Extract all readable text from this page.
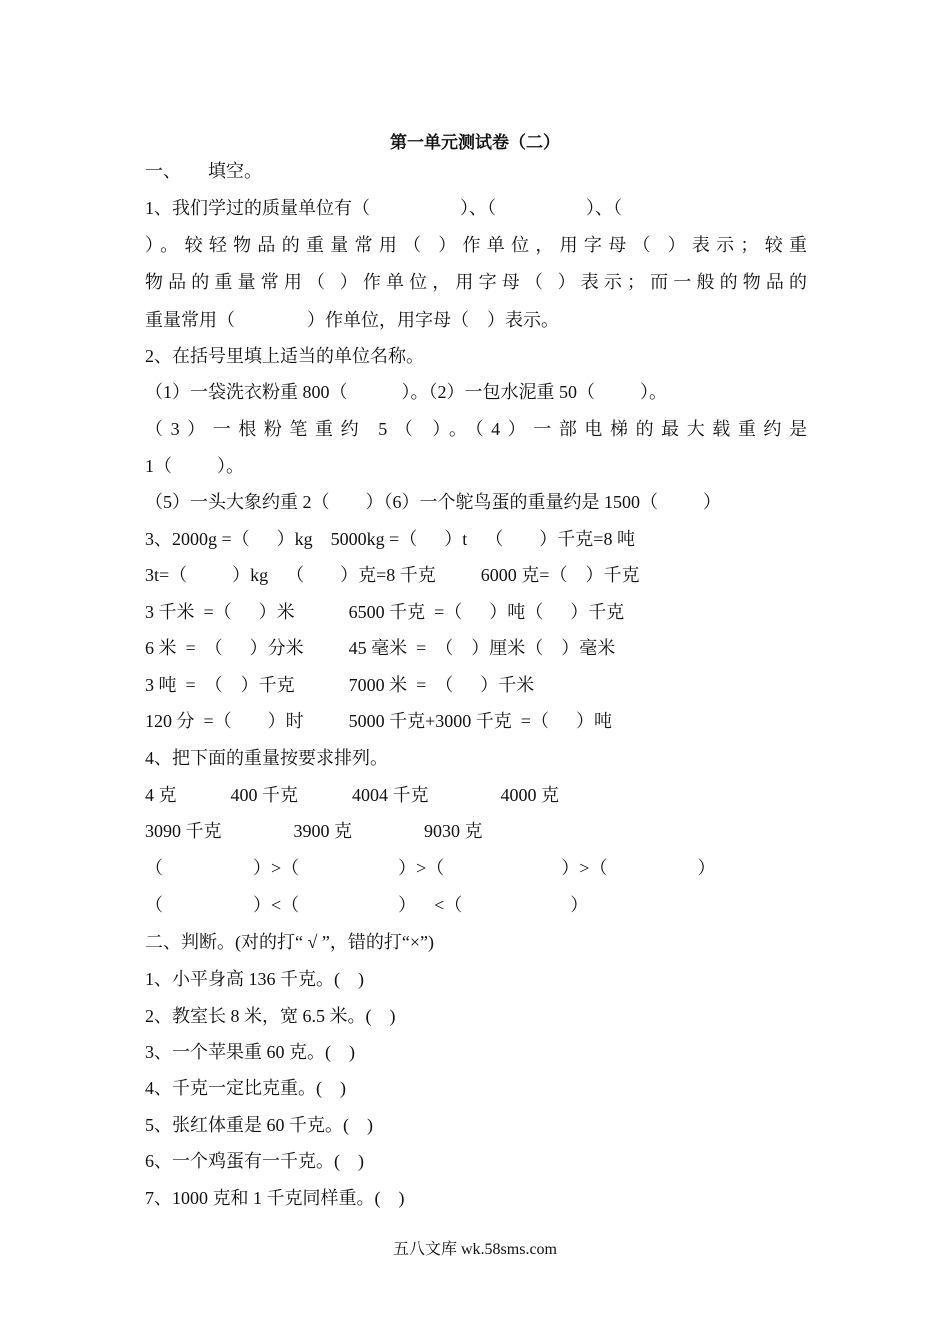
第一单元测试卷（二）
一、      填空。
1、我们学过的质量单位有（                    ）、（                    ）、（
）。较轻物品的重量常用（ ）作单位，用字母（ ）表示；较重
物品的重量常用（ ）作单位，用字母（ ）表示；而一般的物品的
重量常用（                ）作单位，用字母（    ）表示。
2、在括号里填上适当的单位名称。
（1）一袋洗衣粉重 800（            ）。（2）一包水泥重 50（          ）。
（3）一根粉笔重约 5（ ）。（4）一部电梯的最大载重约是
1（          ）。
（5）一头大象约重 2（        ）（6）一个鸵鸟蛋的重量约是 1500（          ）
3、2000g =（      ）kg    5000kg =（      ）t    （        ）千克=8 吨
3t=（          ）kg    （        ）克=8 千克          6000 克=（    ）千克
3 千米  =（      ）米            6500 千克  =（      ）吨（      ）千克
6 米  =  （      ）分米          45 毫米  =  （    ）厘米（    ）毫米
3 吨  =  （    ）千克            7000 米  =  （      ）千米
120 分  =（        ）时          5000 千克+3000 千克  =（      ）吨
4、把下面的重量按要求排列。
4 克            400 千克            4004 千克                4000 克
3090 千克                3900 克                9030 克
（                    ）>（                      ）>（                          ）>（                    ）
（                    ）<（                      ）    <（                        ）
二、判断。(对的打“ √ ”，错的打“×”)
1、小平身高 136 千克。(    )
2、教室长 8 米，宽 6.5 米。(    )
3、一个苹果重 60 克。(    )
4、千克一定比克重。(    )
5、张红体重是 60 千克。(    )
6、一个鸡蛋有一千克。(    )
7、1000 克和 1 千克同样重。(    )
五八文库 wk.58sms.com
